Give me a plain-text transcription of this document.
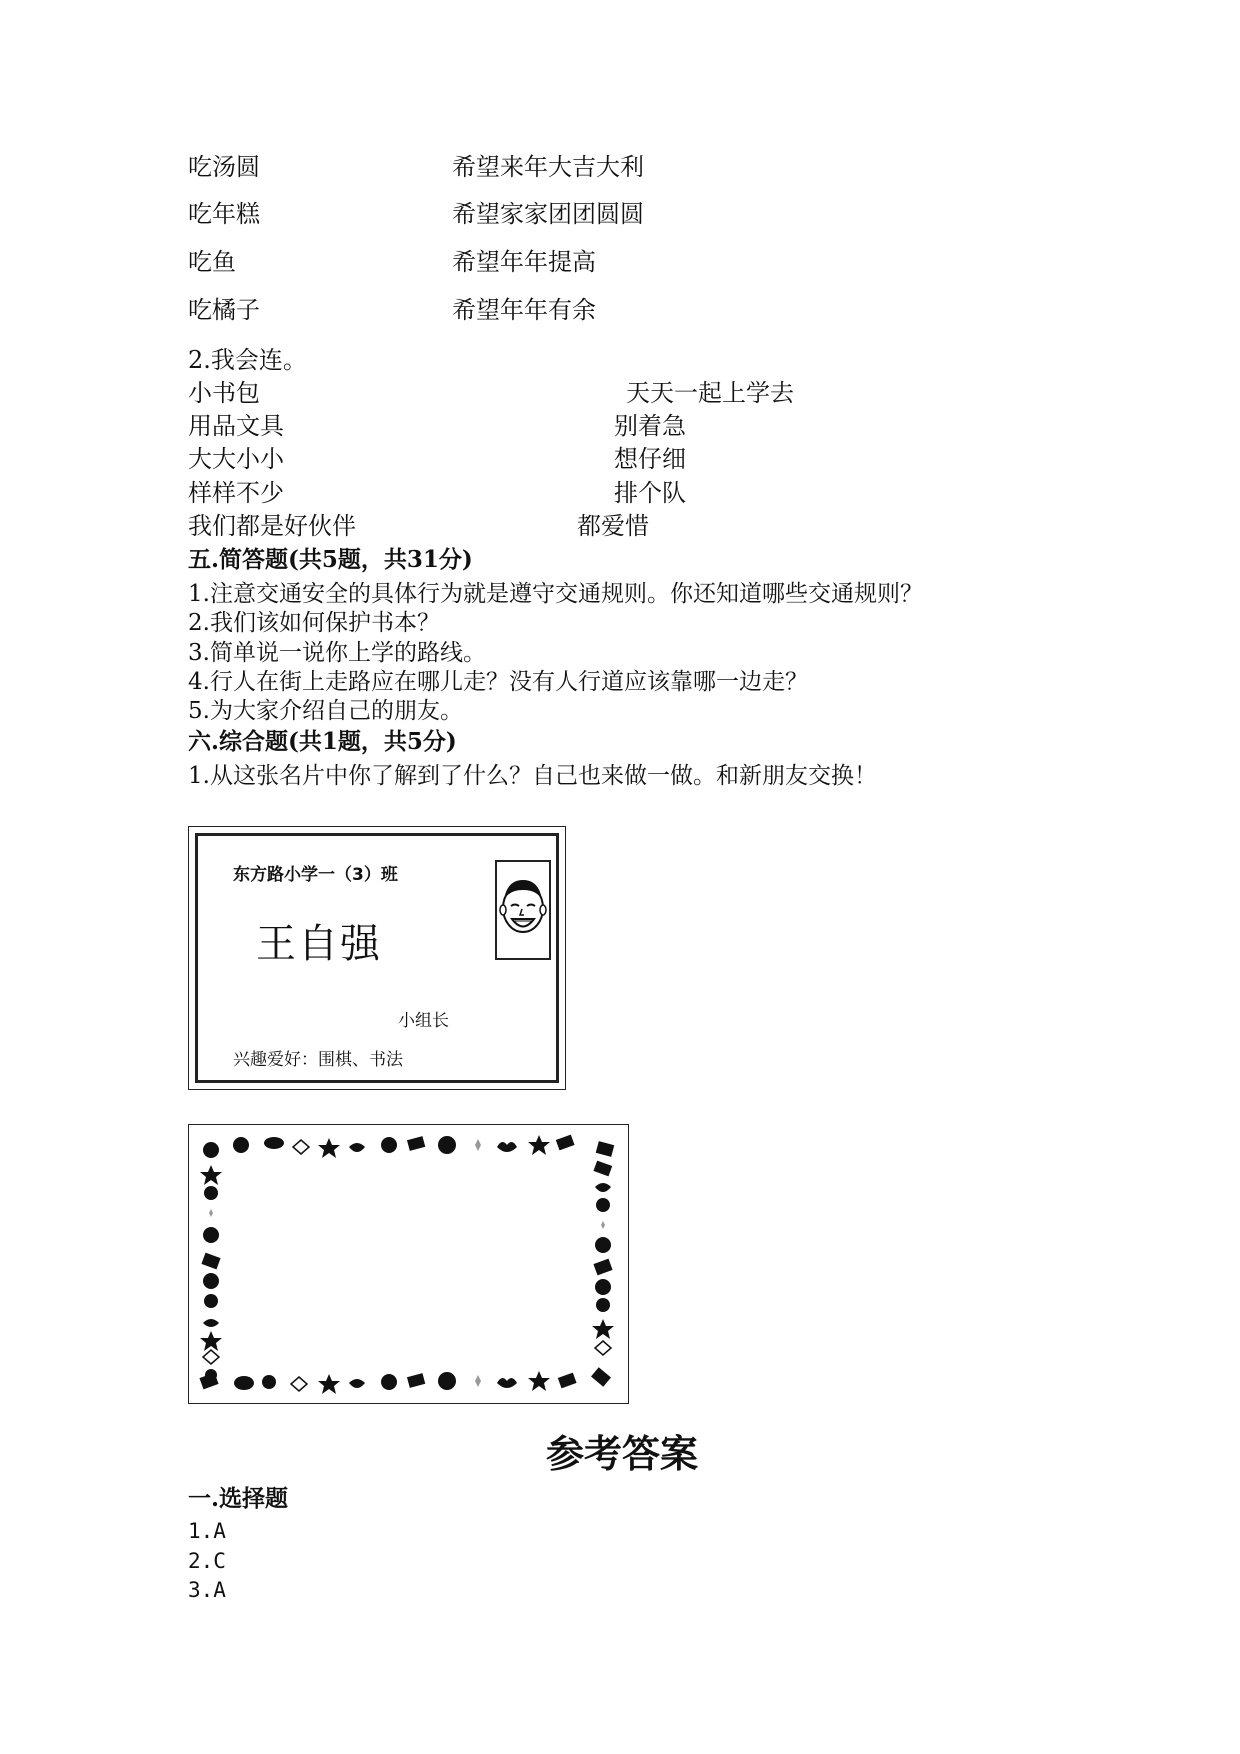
吃汤圆	希望来年大吉大利
吃年糕	希望家家团团圆圆
吃鱼	希望年年提高
吃橘子	希望年年有余
2.我会连。
小书包	天天一起上学去
用品文具	别着急
大大小小	想仔细
样样不少	排个队
我们都是好伙伴	都爱惜
五.简答题(共5题，共31分)
1.注意交通安全的具体行为就是遵守交通规则。你还知道哪些交通规则？
2.我们该如何保护书本？
3.简单说一说你上学的路线。
4.行人在街上走路应在哪儿走？没有人行道应该靠哪一边走？
5.为大家介绍自己的朋友。
六.综合题(共1题，共5分)
1.从这张名片中你了解到了什么？自己也来做一做。和新朋友交换！
东方路小学一（3）班
王自强
小组长
兴趣爱好：围棋、书法
参考答案
一.选择题
1.A
2.C
3.A
